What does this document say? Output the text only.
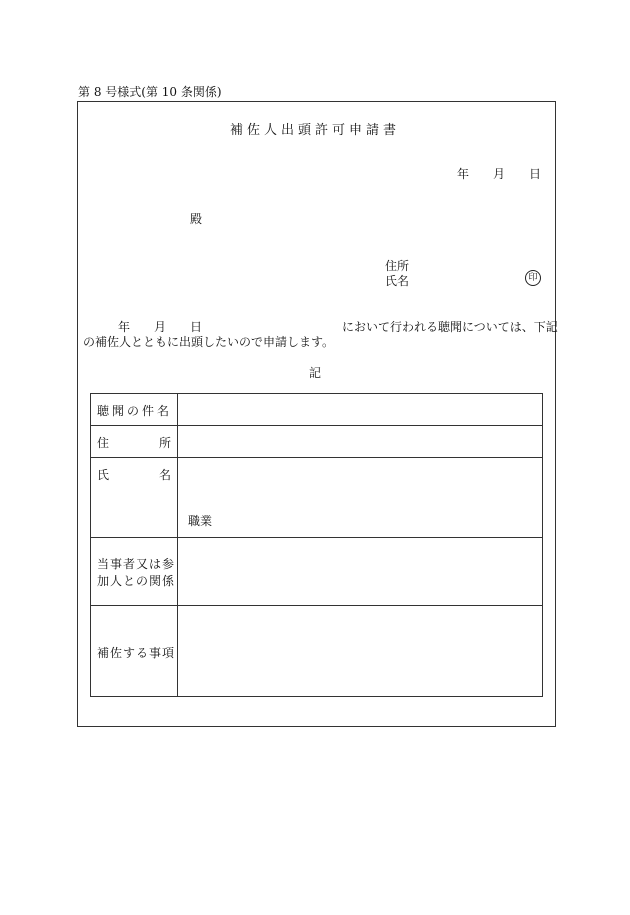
第 8 号様式(第 10 条関係)
補佐人出頭許可申請書
年 月 日
殿
住所
氏名	印
年 月 日	において行われる聴聞については、下記
の補佐人とともに出頭したいので申請します。
記
聴聞の件名	

住 所	

氏 名	職業

当事者又は参
加人との関係	

補佐する事項	
